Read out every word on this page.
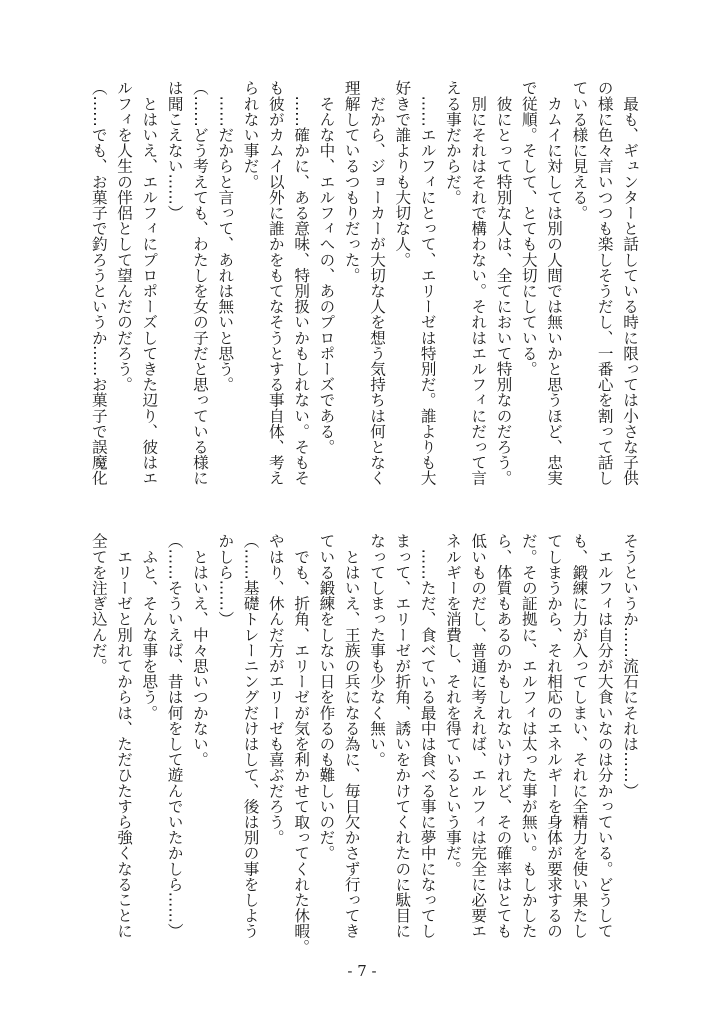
　最も、ギュンターと話している時に限っては小さな子供
の様に色々言いつつも楽しそうだし、一番心を割って話し
ている様に見える。
　カムイに対しては別の人間では無いかと思うほど、忠実
で従順。そして、とても大切にしている。
　彼にとって特別な人は、全てにおいて特別なのだろう。
　別にそれはそれで構わない。それはエルフィにだって言
える事だからだ。
　……エルフィにとって、エリーゼは特別だ。誰よりも大
好きで誰よりも大切な人。
　だから、ジョーカーが大切な人を想う気持ちは何となく
理解しているつもりだった。
　そんな中、エルフィへの、あのプロポーズである。
　……確かに、ある意味、特別扱いかもしれない。そもそ
も彼がカムイ以外に誰かをもてなそうとする事自体、考え
られない事だ。
　……だからと言って、あれは無いと思う。
（……どう考えても、わたしを女の子だと思っている様に
は聞こえない……）
　とはいえ、エルフィにプロポーズしてきた辺り、彼はエ
ルフィを人生の伴侶として望んだのだろう。
（……でも、お菓子で釣ろうというか……お菓子で誤魔化
そうというか……流石にそれは……）
　エルフィは自分が大食いなのは分かっている。どうして
も、鍛練に力が入ってしまい、それに全精力を使い果たし
てしまうから、それ相応のエネルギーを身体が要求するの
だ。その証拠に、エルフィは太った事が無い。もしかした
ら、体質もあるのかもしれないけれど、その確率はとても
低いものだし、普通に考えれば、エルフィは完全に必要エ
ネルギーを消費し、それを得ているという事だ。
　……ただ、食べている最中は食べる事に夢中になってし
まって、エリーゼが折角、誘いをかけてくれたのに駄目に
なってしまった事も少なく無い。
　とはいえ、王族の兵になる為に、毎日欠かさず行ってき
ている鍛練をしない日を作るのも難しいのだ。
　でも、折角、エリーゼが気を利かせて取ってくれた休暇。
やはり、休んだ方がエリーゼも喜ぶだろう。
（……基礎トレーニングだけはして、後は別の事をしよう
かしら……）
　とはいえ、中々思いつかない。
（……そういえば、昔は何をして遊んでいたかしら……）
　ふと、そんな事を思う。
　エリーゼと別れてからは、ただひたすら強くなることに
全てを注ぎ込んだ。
- 7 -
